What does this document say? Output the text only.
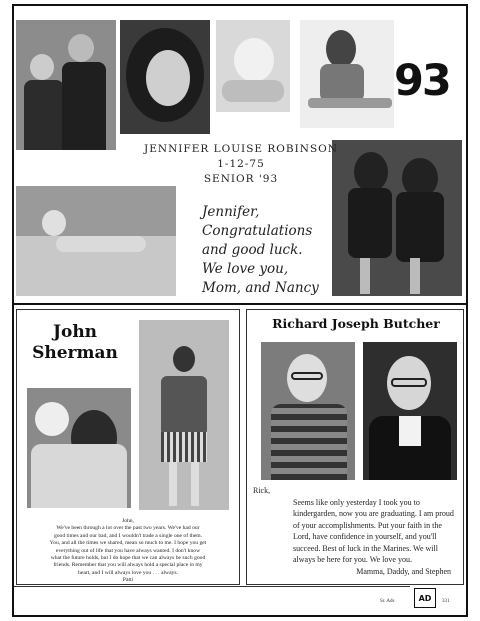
93
JENNIFER LOUISE ROBINSON
1-12-75
SENIOR '93
Jennifer,
Congratulations
and good luck.
We love you,
Mom, and Nancy
John
Sherman
John,
We've been through a lot over the past two years. We've had our
good times and our bad, and I wouldn't trade a single one of them.
You, and all the times we shared, mean so much to me. I hope you get
everything out of life that you have always wanted. I don't know
what the future holds, but I do hope that we can always be such good
friends. Remember that you will always hold a special place in my
heart, and I will always love you . . . always.
Patti
Richard Joseph Butcher
Rick,
Seems like only yesterday I took you to kindergarden, now you are graduating. I am proud of your accomplishments. Put your faith in the Lord, have confidence in yourself, and you'll succeed. Best of luck in the Marines. We will always be here for you. We love you.
Mamma, Daddy, and Stephen
Sr. Ads	AD	331
